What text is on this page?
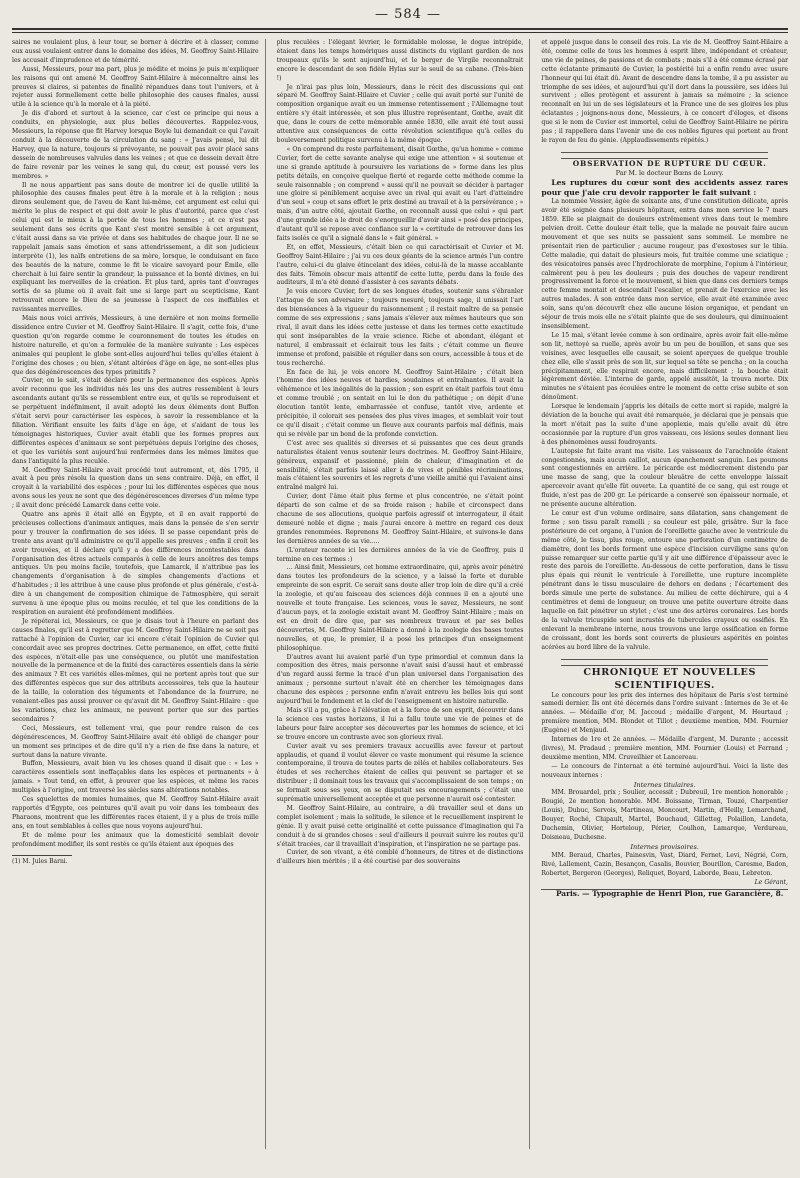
— 584 —

saires ne voulaient plus, à leur tour, se borner à décrire et à classer, comme eux aussi voulaient entrer dans le domaine des idées, M. Geoffroy Saint-Hilaire les accusait d'imprudence et de témérité.

Aussi, Messieurs, pour ma part, plus je médite et moins je puis m'expliquer les raisons qui ont amené M. Geoffroy Saint-Hilaire à méconnaître ainsi les preuves si claires, si patentes de finalité répandues dans tout l'univers, et à rejeter aussi formellement cette belle philosophie des causes finales, aussi utile à la science qu'à la morale et à la piété.

Je dis d'abord et surtout à la science, car c'est ce principe qui nous a conduits, en physiologie, aux plus belles découvertes. Rappelez-vous, Messieurs, la réponse que fit Harvey lorsque Boyle lui demandait ce qui l'avait conduit à la découverte de la circulation du sang : « J'avais pensé, lui dit Harvey, que la nature, toujours si prévoyante, ne pouvait pas avoir placé sans dessein de nombreuses valvules dans les veines ; et que ce dessein devait être de faire revenir par les veines le sang qui, du cœur, est poussé vers les membres. »

Il ne nous appartient pas sans doute de montrer ici de quelle utilité la philosophie des causes finales peut être à la morale et à la religion ; nous dirons seulement que, de l'aveu de Kant lui-même, cet argument est celui qui mérite le plus de respect et qui doit avoir le plus d'autorité, parce que c'est celui qui est le mieux à la portée de tous les hommes ; et ce n'est pas seulement dans ses écrits que Kant s'est montré sensible à cet argument, c'était aussi dans sa vie privée et dans ses habitudes de chaque jour. Il ne se rappelait jamais sans émotion et sans attendrissement, a dit son judicieux interprète (1), les naïfs entretiens de sa mère, lorsque, le conduisant en face des beautés de la nature, comme le fit le vicaire savoyard pour Émile, elle cherchait à lui faire sentir la grandeur, la puissance et la bonté divines, en lui expliquant les merveilles de la création. Et plus tard, après tant d'ouvrages sortis de sa plume où il avait fait une si large part au scepticisme, Kant retrouvait encore le Dieu de sa jeunesse à l'aspect de ces ineffables et ravissantes merveilles.

Mais nous voici arrivés, Messieurs, à une dernière et non moins formelle dissidence entre Cuvier et M. Geoffroy Saint-Hilaire. Il s'agit, cette fois, d'une question qu'on regarde comme le couronnement de toutes les études en histoire naturelle, et qu'on a formulée de la manière suivante : Les espèces animales qui peuplent le globe sont-elles aujourd'hui telles qu'elles étaient à l'origine des choses ; ou bien, s'étant altérées d'âge en âge, ne sont-elles plus que des dégénérescences des types primitifs ?

Cuvier, on le sait, s'était déclaré pour la permanence des espèces. Après avoir reconnu que les individus nés les uns des autres ressemblent à leurs ascendants autant qu'ils se ressemblent entre eux, et qu'ils se reproduisent et se perpétuent indéfiniment, il avait adopté les deux éléments dont Buffon s'était servi pour caractériser les espèces, à savoir la ressemblance et la filiation. Vérifiant ensuite les faits d'âge en âge, et s'aidant de tous les témoignages historiques, Cuvier avait établi que les formes propres aux différentes espèces d'animaux se sont perpétuées depuis l'origine des choses, et que les variétés sont aujourd'hui renfermées dans les mêmes limites que dans l'antiquité la plus reculée.

M. Geoffroy Saint-Hilaire avait procédé tout autrement, et, dès 1795, il avait à peu près résolu la question dans un sens contraire. Déjà, en effet, il croyait à la variabilité des espèces ; pour lui les différentes espèces que nous avons sous les yeux ne sont que des dégénérescences diverses d'un même type ; il avait donc précédé Lamarck dans cette voie.

Quatre ans après il était allé en Égypte, et il en avait rapporté de précieuses collections d'animaux antiques, mais dans la pensée de s'en servir pour y trouver la confirmation de ses idées. Il se passe cependant près de trente ans avant qu'il administre ce qu'il appelle ses preuves ; enfin il croit les avoir trouvées, et il déclare qu'il y a des différences incontestables dans l'organisation des êtres actuels comparés à celle de leurs ancêtres des temps antiques. Un peu moins facile, toutefois, que Lamarck, il n'attribue pas les changements d'organisation à de simples changements d'actions et d'habitudes ; il les attribue à une cause plus profonde et plus générale, c'est-à-dire à un changement de composition chimique de l'atmosphère, qui serait survenu à une époque plus ou moins reculée, et tel que les conditions de la respiration en auraient été profondément modifiées.

Je répéterai ici, Messieurs, ce que je disais tout à l'heure en parlant des causes finales, qu'il est à regretter que M. Geoffroy Saint-Hilaire ne se soit pas rattaché à l'opinion de Cuvier, car ici encore c'était l'opinion de Cuvier qui concordait avec ses propres doctrines. Cette permanence, en effet, cette fixité des espèces, n'était-elle pas une conséquence, ou plutôt une manifestation nouvelle de la permanence et de la fixité des caractères essentiels dans la série des animaux ? Et ces variétés elles-mêmes, qui ne portent après tout que sur des différentes espèces que sur des attributs accessoires, tels que la hauteur de la taille, la coloration des téguments et l'abondance de la fourrure, ne venaient-elles pas aussi prouver ce qu'avait dit M. Geoffroy Saint-Hilaire : que les variations, chez les animaux, ne peuvent porter que sur des parties secondaires ?

Ceci, Messieurs, est tellement vrai, que pour rendre raison de ces dégénérescences, M. Geoffroy Saint-Hilaire avait été obligé de changer pour un moment ses principes et de dire qu'il n'y a rien de fixe dans la nature, et surtout dans la nature vivante.

Buffon, Messieurs, avait bien vu les choses quand il disait que : « Les » caractères essentiels sont ineffaçables dans les espèces et permanents » à jamais. » Tout tend, en effet, à prouver que les espèces, et même les races multiples à l'origine, ont traversé les siècles sans altérations notables.

Ces squelettes de momies humaines, que M. Geoffroy Saint-Hilaire avait rapportés d'Égypte, ces peintures qu'il avait pu voir dans les tombeaux des Pharaons, montrent que les différentes races étaient, il y a plus de trois mille ans, en tout semblables à celles que nous voyons aujourd'hui.

Et de même pour les animaux que la domesticité semblait devoir profondément modifier, ils sont restés ce qu'ils étaient aux époques des

(1) M. Jules Barni.

plus reculées : l'élégant lévrier, le formidable molosse, le dogue intrépide, étaient dans les temps homériques aussi distincts du vigilant gardien de nos troupeaux qu'ils le sont aujourd'hui, et le berger de Virgile reconnaîtrait encore le descendant de son fidèle Hylas sur le seuil de sa cabane. (Très-bien !)

Je n'irai pas plus loin, Messieurs, dans le récit des discussions qui ont séparé M. Geoffroy Saint-Hilaire et Cuvier ; celle qui avait porté sur l'unité de composition organique avait eu un immense retentissement ; l'Allemagne tout entière s'y était intéressée, et son plus illustre représentant, Gœthe, avait dit que, dans le cours de cette mémorable année 1830, elle avait été tout aussi attentive aux conséquences de cette révolution scientifique qu'à celles du bouleversement politique survenu à la même époque.

« On comprend du reste parfaitement, disait Gœthe, qu'un homme » comme Cuvier, fort de cette savante analyse qui exige une attention » si soutenue et une si grande aptitude à poursuivre les variations de » forme dans les plus petits détails, en conçoive quelque fierté et regarde cette méthode comme la seule raisonnable ; on comprend » aussi qu'il ne pouvait se décider à partager une gloire si péniblement acquise avec un rival qui avait eu l'art d'atteindre d'un seul » coup et sans effort le prix destiné au travail et à la persévérance ; » mais, d'un autre côté, ajoutait Gœthe, on reconnaît aussi que celui » qui part d'une grande idée a le droit de s'enorgueillir d'avoir ainsi » posé des principes, d'autant qu'il se repose avec confiance sur la » certitude de retrouver dans les faits isolés ce qu'il a signalé dans le » fait général. »

Et, en effet, Messieurs, c'était bien ce qui caractérisait et Cuvier et M. Geoffroy Saint-Hilaire ; j'ai vu ces deux géants de la science armés l'un contre l'autre, celui-ci du glaive étincelant des idées, celui-là de la masse accablante des faits. Témoin obscur mais attentif de cette lutte, perdu dans la foule des auditeurs, il m'a été donné d'assister à ces savants débats.

Je vois encore Cuvier, fort de ses longues études, soutenir sans s'ébranler l'attaque de son adversaire ; toujours mesuré, toujours sage, il unissait l'art des bienséances à la vigueur du raisonnement ; il restait maître de sa pensée comme de ses expressions ; sans jamais s'élever aux mêmes hauteurs que son rival, il avait dans les idées cette justesse et dans les termes cette exactitude qui sont inséparables de la vraie science. Riche et abondant, élégant et naturel, il embrassait et éclairait tous les faits ; c'était comme un fleuve immense et profond, paisible et régulier dans son cours, accessible à tous et de tous recherché.

En face de lui, je vois encore M. Geoffroy Saint-Hilaire ; c'était bien l'homme des idées neuves et hardies, soudaines et entraînantes. Il avait la véhémence et les inégalités de la passion ; son esprit en était parfois tout ému et comme troublé ; on sentait en lui le don du pathétique ; on dépit d'une élocution tantôt lente, embarrassée et confuse, tantôt vive, ardente et précipitée, il colorait ses pensées des plus vives images, et semblait voir tout ce qu'il disait ; c'était comme un fleuve aux courants parfois mal définis, mais qui se révèle par un bond de la profonde conviction.

C'est avec ses qualités si diverses et si puissantes que ces deux grands naturalistes étaient venus soutenir leurs doctrines. M. Geoffroy Saint-Hilaire, généreux, expansif et passionné, plein de chaleur, d'imagination et de sensibilité, s'était parfois laissé aller à de vives et pénibles récriminations, mais c'étaient les souvenirs et les regrets d'une vieille amitié qui l'avaient ainsi entraîné malgré lui.

Cuvier, dont l'âme était plus ferme et plus concentrée, ne s'était point départi de son calme et de sa froide raison ; habile et circonspect dans chacune de ses allocutions, quoique parfois agressif et interrogateur, il était demeuré noble et digne ; mais j'aurai encore à mettre en regard ces deux grandes renommées. Reprenons M. Geoffroy Saint-Hilaire, et suivons-le dans les dernières années de sa vie.....

(L'orateur raconte ici les dernières années de la vie de Geoffroy, puis il termine en ces termes :)

... Ainsi finit, Messieurs, cet homme extraordinaire, qui, après avoir pénétré dans toutes les profondeurs de la science, y a laissé la forte et durable empreinte de son esprit. Ce serait sans doute aller trop loin de dire qu'il a créé la zoologie, et qu'au faisceau des sciences déjà connues il en a ajouté une nouvelle et toute française. Les sciences, vous le savez, Messieurs, ne sont d'aucun pays, et la zoologie existait avant M. Geoffroy Saint-Hilaire ; mais on est en droit de dire que, par ses nombreux travaux et par ses belles découvertes, M. Geoffroy Saint-Hilaire a donné à la zoologie des bases toutes nouvelles, et que, le premier, il a posé les principes d'un enseignement philosophique.

D'autres avant lui avaient parlé d'un type primordial et commun dans la composition des êtres, mais personne n'avait saisi d'aussi haut et embrassé d'un regard aussi ferme la tracé d'un plan universel dans l'organisation des animaux ; personne surtout n'avait été en chercher les témoignages dans chacune des espèces ; personne enfin n'avait entrevu les belles lois qui sont aujourd'hui le fondement et la clef de l'enseignement en histoire naturelle.

Mais s'il a pu, grâce à l'élévation et à la force de son esprit, découvrir dans la science ces vastes horizons, il lui a fallu toute une vie de peines et de labeurs pour faire accepter ses découvertes par les hommes de science, et ici se trouve encore un contraste avec son glorieux rival.

Cuvier avait vu ses premiers travaux accueillis avec faveur et partout applaudis, et quand il voulut élever ce vaste monument qui résume la science contemporaine, il trouva de toutes parts de zélés et habiles collaborateurs. Ses études et ses recherches étaient de celles qui peuvent se partager et se distribuer ; il dominait tous les travaux qui s'accomplissaient de son temps ; on se formait sous ses yeux, on se disputait ses encouragements ; c'était une suprématie universellement acceptée et que personne n'aurait osé contester.

M. Geoffroy Saint-Hilaire, au contraire, a dû travailler seul et dans un complet isolement ; mais la solitude, le silence et le recueillement inspirent le génie. Il y avait puisé cette originalité et cette puissance d'imagination qui l'a conduit à de si grandes choses : seul d'ailleurs il pouvait suivre les routes qu'il s'était tracées, car il travaillait d'inspiration, et l'inspiration ne se partage pas.

Cuvier, de son vivant, a été comblé d'honneurs, de titres et de distinctions d'ailleurs bien mérités ; il a été courtisé par des souverains

et appelé jusque dans le conseil des rois. La vie de M. Geoffroy Saint-Hilaire a été, comme celle de tous les hommes à esprit libre, indépendant et créateur, une vie de peines, de passions et de combats ; mais s'il a été comme écrasé par cette éclatante primauté de Cuvier, la postérité lui a enfin rendu avec usure l'honneur qui lui était dû. Avant de descendre dans la tombe, il a pu assister au triomphe de ses idées, et aujourd'hui qu'il dort dans la poussière, ses idées lui survivent ; elles protègent et assurent à jamais sa mémoire ; la science reconnaît en lui un de ses législateurs et la France une de ses gloires les plus éclatantes ; joignons-nous donc, Messieurs, à ce concert d'éloges, et disons que si le nom de Cuvier est immortel, celui de Geoffroy Saint-Hilaire ne périra pas ; il rappellera dans l'avenir une de ces nobles figures qui portent au front le rayon de feu du génie. (Applaudissements répétés.)

OBSERVATION DE RUPTURE DU CŒUR.

Par M. le docteur Bœns de Louvy.

Les ruptures du cœur sont des accidents assez rares pour que j'aie cru devoir rapporter le fait suivant :

La nommée Vessier, âgée de soixante ans, d'une constitution délicate, après avoir été soignée dans plusieurs hôpitaux, entra dans mon service le 7 mars 1859. Elle se plaignait de douleurs extrêmement vives dans tout le membre pelvien droit. Cette douleur était telle, que la malade ne pouvait faire aucun mouvement et que ses nuits se passaient sans sommeil. Le membre ne présentait rien de particulier ; aucune rougeur, pas d'exostoses sur le tibia. Cette maladie, qui datait de plusieurs mois, fut traitée comme une sciatique ; des vésicatoires pansés avec l'hydrochlorate de morphine, l'opium à l'intérieur, calmèrent peu à peu les douleurs ; puis des douches de vapeur rendirent progressivement la force et le mouvement, si bien que dans ces derniers temps cette femme montait et descendait l'escalier, et prenait de l'exercice avec les autres malades. À son entrée dans mon service, elle avait été examinée avec soin, sans qu'on découvrît chez elle aucune lésion organique, et pendant un séjour de trois mois elle ne s'était plainte que de ses douleurs, qui diminuaient insensiblement.

Le 15 mai, s'étant levée comme à son ordinaire, après avoir fait elle-même son lit, nettoyé sa ruelle, après avoir bu un peu de bouillon, et sans que ses voisines, avec lesquelles elle causait, se soient aperçues de quelque trouble chez elle, elle s'assit près de son lit, sur lequel sa tête se pencha ; on la coucha précipitamment, elle respirait encore, mais difficilement ; la bouche était légèrement déviée. L'interne de garde, appelé aussitôt, la trouva morte. Dix minutes ne s'étaient pas écoulées entre le moment de cette crise subite et son dénoûment.

Lorsque le lendemain j'appris les détails de cette mort si rapide, malgré la déviation de la bouche qui avait été remarquée, je déclarai que je pensais que la mort n'était pas la suite d'une apoplexie, mais qu'elle avait dû être occasionnée par la rupture d'un gros vaisseau, ces lésions seules donnant lieu à des phénomènes aussi foudroyants.

L'autopsie fut faite avant ma visite. Les vaisseaux de l'arachnoïde étaient congestionnés, mais aucun caillot, aucun épanchement sanguin. Les poumons sont congestionnés en arrière. Le péricarde est médiocrement distendu par une masse de sang, que la couleur bleuâtre de cette enveloppe laissait apercevoir avant qu'elle fût ouverte. La quantité de ce sang, qui est rouge et fluide, n'est pas de 200 gr. Le péricarde a conservé son épaisseur normale, et ne présente aucune altération.

Le cœur est d'un volume ordinaire, sans dilatation, sans changement de forme ; son tissu paraît ramolli ; sa couleur est pâle, grisâtre. Sur la face postérieure de cet organe, à l'union de l'oreillette gauche avec le ventricule du même côté, le tissu, plus rouge, entoure une perforation d'un centimètre de diamètre, dont les bords forment une espèce d'incision curviligne sans qu'on puisse remarquer sur cette partie qu'il y ait une différence d'épaisseur avec le reste des parois de l'oreillette. Au-dessous de cette perforation, dans le tissu plus épais qui réunit le ventricule à l'oreillette, une rupture incomplète pénétrant dans le tissu musculaire de dehors en dedans ; l'écartement des bords simule une perte de substance. Au milieu de cette déchirure, qui a 4 centimètres et demi de longueur, on trouve une petite ouverture étroite dans laquelle on fait pénétrer un stylet ; c'est une des artères coronaires. Les bords de la valvule tricuspide sont incrustés de tubercules crayeux ou ossifiés. En enlevant la membrane interne, nous trouvons une large ossification en forme de croissant, dont les bords sont couverts de plusieurs aspérités en pointes acérées au bord libre de la valvule.

CHRONIQUE ET NOUVELLES SCIENTIFIQUES.

Le concours pour les prix des internes des hôpitaux de Paris s'est terminé samedi dernier. Ils ont été décernés dans l'ordre suivant : Internes de 3e et 4e années. — Médaille d'or, M. Jaccoud ; médaille d'argent, M. Heurtaud ; première mention, MM. Blondet et Tillot ; deuxième mention, MM. Fournier (Eugène) et Menjaud.

Internes de 1re et 2e années. — Médaille d'argent, M. Durante ; accessit (livres), M. Pradaud ; première mention, MM. Fournier (Louis) et Ferrand ; deuxième mention, MM. Cruveilhier et Lancereau.

— Le concours de l'internat a été terminé aujourd'hui. Voici la liste des nouveaux internes :

Internes titulaires.

MM. Brouardel, prix ; Soulier, accessit ; Dubreuil, 1re mention honorable ; Bougié, 2e mention honorable. MM. Boissane, Tirman, Touzé, Charpentier (Louis), Dubuc, Servois, Martineau, Moncourt, Martin, d'Heilly, Lemarchand, Bouyer, Roché, Chipault, Martel, Bouchaud, Gilletteg, Polaillon, Landeta, Duchemin, Olivier, Horteloup, Périer, Coulhon, Lamarque, Verdureau, Doisneau, Duchesne.

Internes provisoires.

MM. Beraud, Charles, Painesvin, Vast, Diard, Fernet, Levi, Négrié, Corn, Rivé, Lallement, Cazin, Besançon, Casalis, Bouvier, Bourillon, Caresme, Badon, Robertet, Bergeron (Georges), Reliquet, Boyard, Laborde, Beau, Lebreton.

Le Gérant,

Paris. — Typographie de Henri Plon, rue Garancière, 8.
